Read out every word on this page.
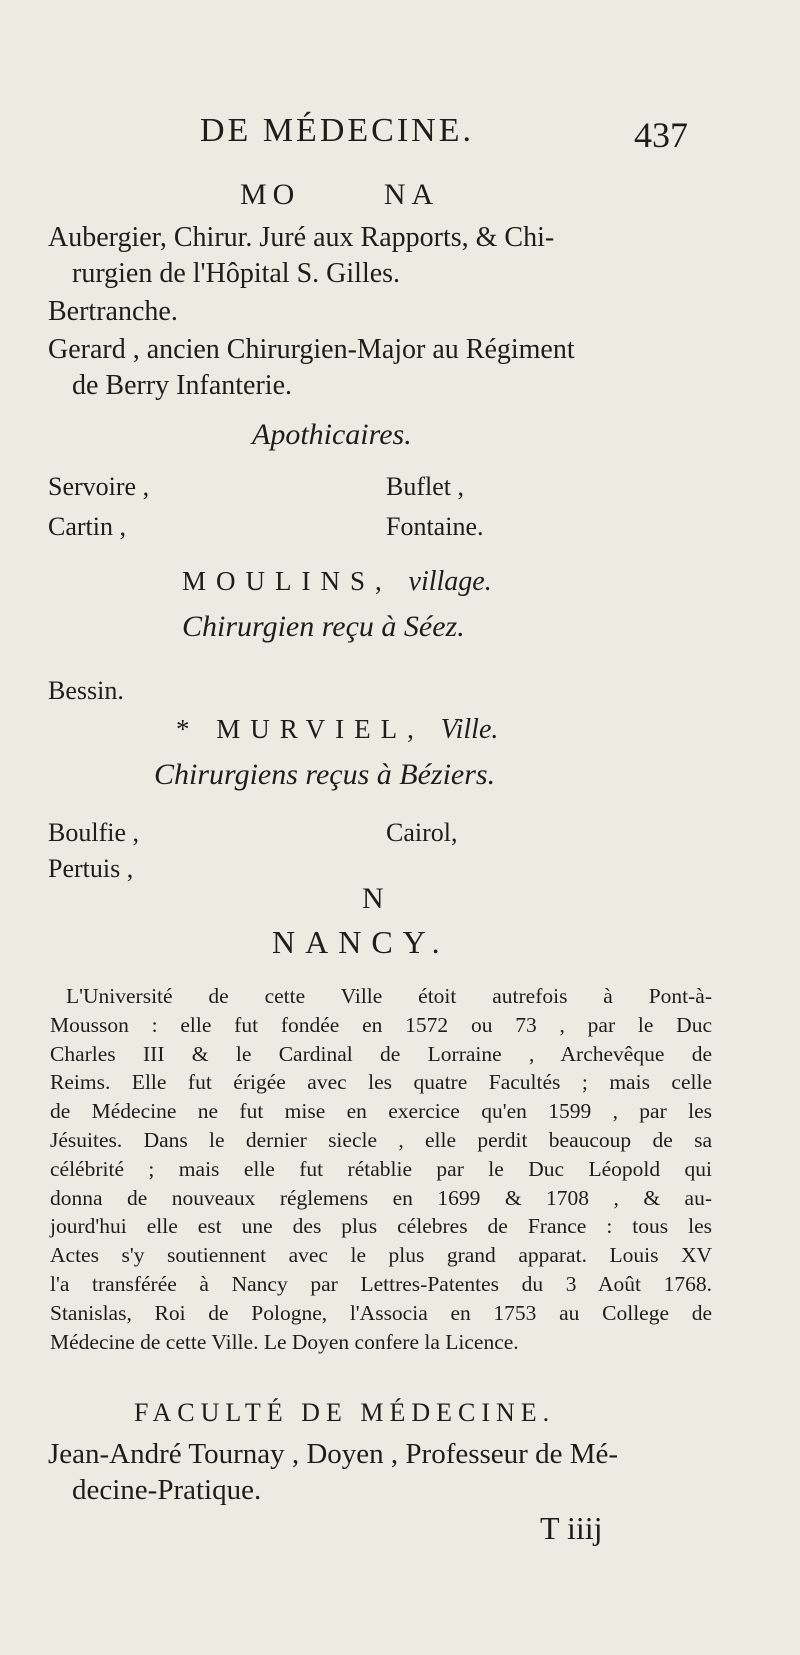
DE MÉDECINE.	437
MO NA
Aubergier, Chirur. Juré aux Rapports, & Chi-
rurgien de l'Hôpital S. Gilles.
Bertranche.
Gerard , ancien Chirurgien-Major au Régiment
de Berry Infanterie.
Apothicaires.
Servoire ,	Buflet ,
Cartin ,	Fontaine.
MOULINS, village.
Chirurgien reçu à Séez.
Bessin.
* MURVIEL, Ville.
Chirurgiens reçus à Béziers.
Boulfie ,	Cairol,
Pertuis ,
N
NANCY.
L'Université de cette Ville étoit autrefois à Pont-à-
Mousson : elle fut fondée en 1572 ou 73 , par le Duc
Charles III & le Cardinal de Lorraine , Archevêque de
Reims. Elle fut érigée avec les quatre Facultés ; mais celle
de Médecine ne fut mise en exercice qu'en 1599 , par les
Jésuites. Dans le dernier siecle , elle perdit beaucoup de sa
célébrité ; mais elle fut rétablie par le Duc Léopold qui
donna de nouveaux réglemens en 1699 & 1708 , & au-
jourd'hui elle est une des plus célebres de France : tous les
Actes s'y soutiennent avec le plus grand apparat. Louis XV
l'a transférée à Nancy par Lettres-Patentes du 3 Août 1768.
Stanislas, Roi de Pologne, l'Associa en 1753 au College de
Médecine de cette Ville. Le Doyen confere la Licence.
FACULTÉ DE MÉDECINE.
Jean-André Tournay , Doyen , Professeur de Mé-
decine-Pratique.
T iiij
